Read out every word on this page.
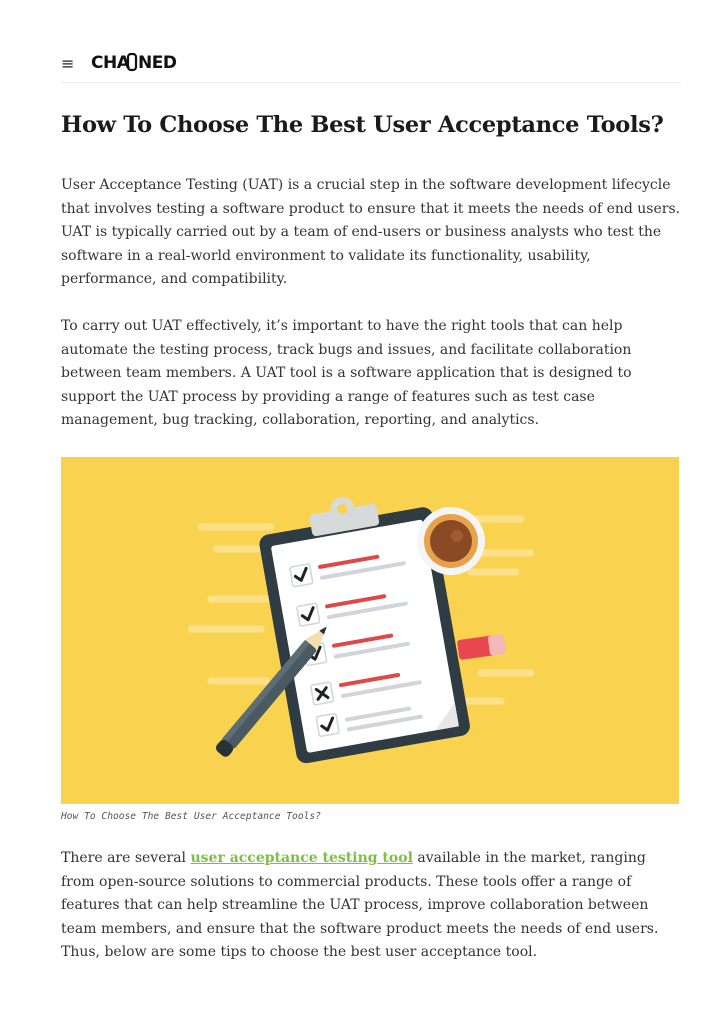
≡ CHA NED
How To Choose The Best User Acceptance Tools?

User Acceptance Testing (UAT) is a crucial step in the software development lifecycle that involves testing a software product to ensure that it meets the needs of end users. UAT is typically carried out by a team of end-users or business analysts who test the software in a real-world environment to validate its functionality, usability, performance, and compatibility.

To carry out UAT effectively, it’s important to have the right tools that can help automate the testing process, track bugs and issues, and facilitate collaboration between team members. A UAT tool is a software application that is designed to support the UAT process by providing a range of features such as test case management, bug tracking, collaboration, reporting, and analytics.

How To Choose The Best User Acceptance Tools?

There are several user acceptance testing tool available in the market, ranging from open-source solutions to commercial products. These tools offer a range of features that can help streamline the UAT process, improve collaboration between team members, and ensure that the software product meets the needs of end users. Thus, below are some tips to choose the best user acceptance tool.
